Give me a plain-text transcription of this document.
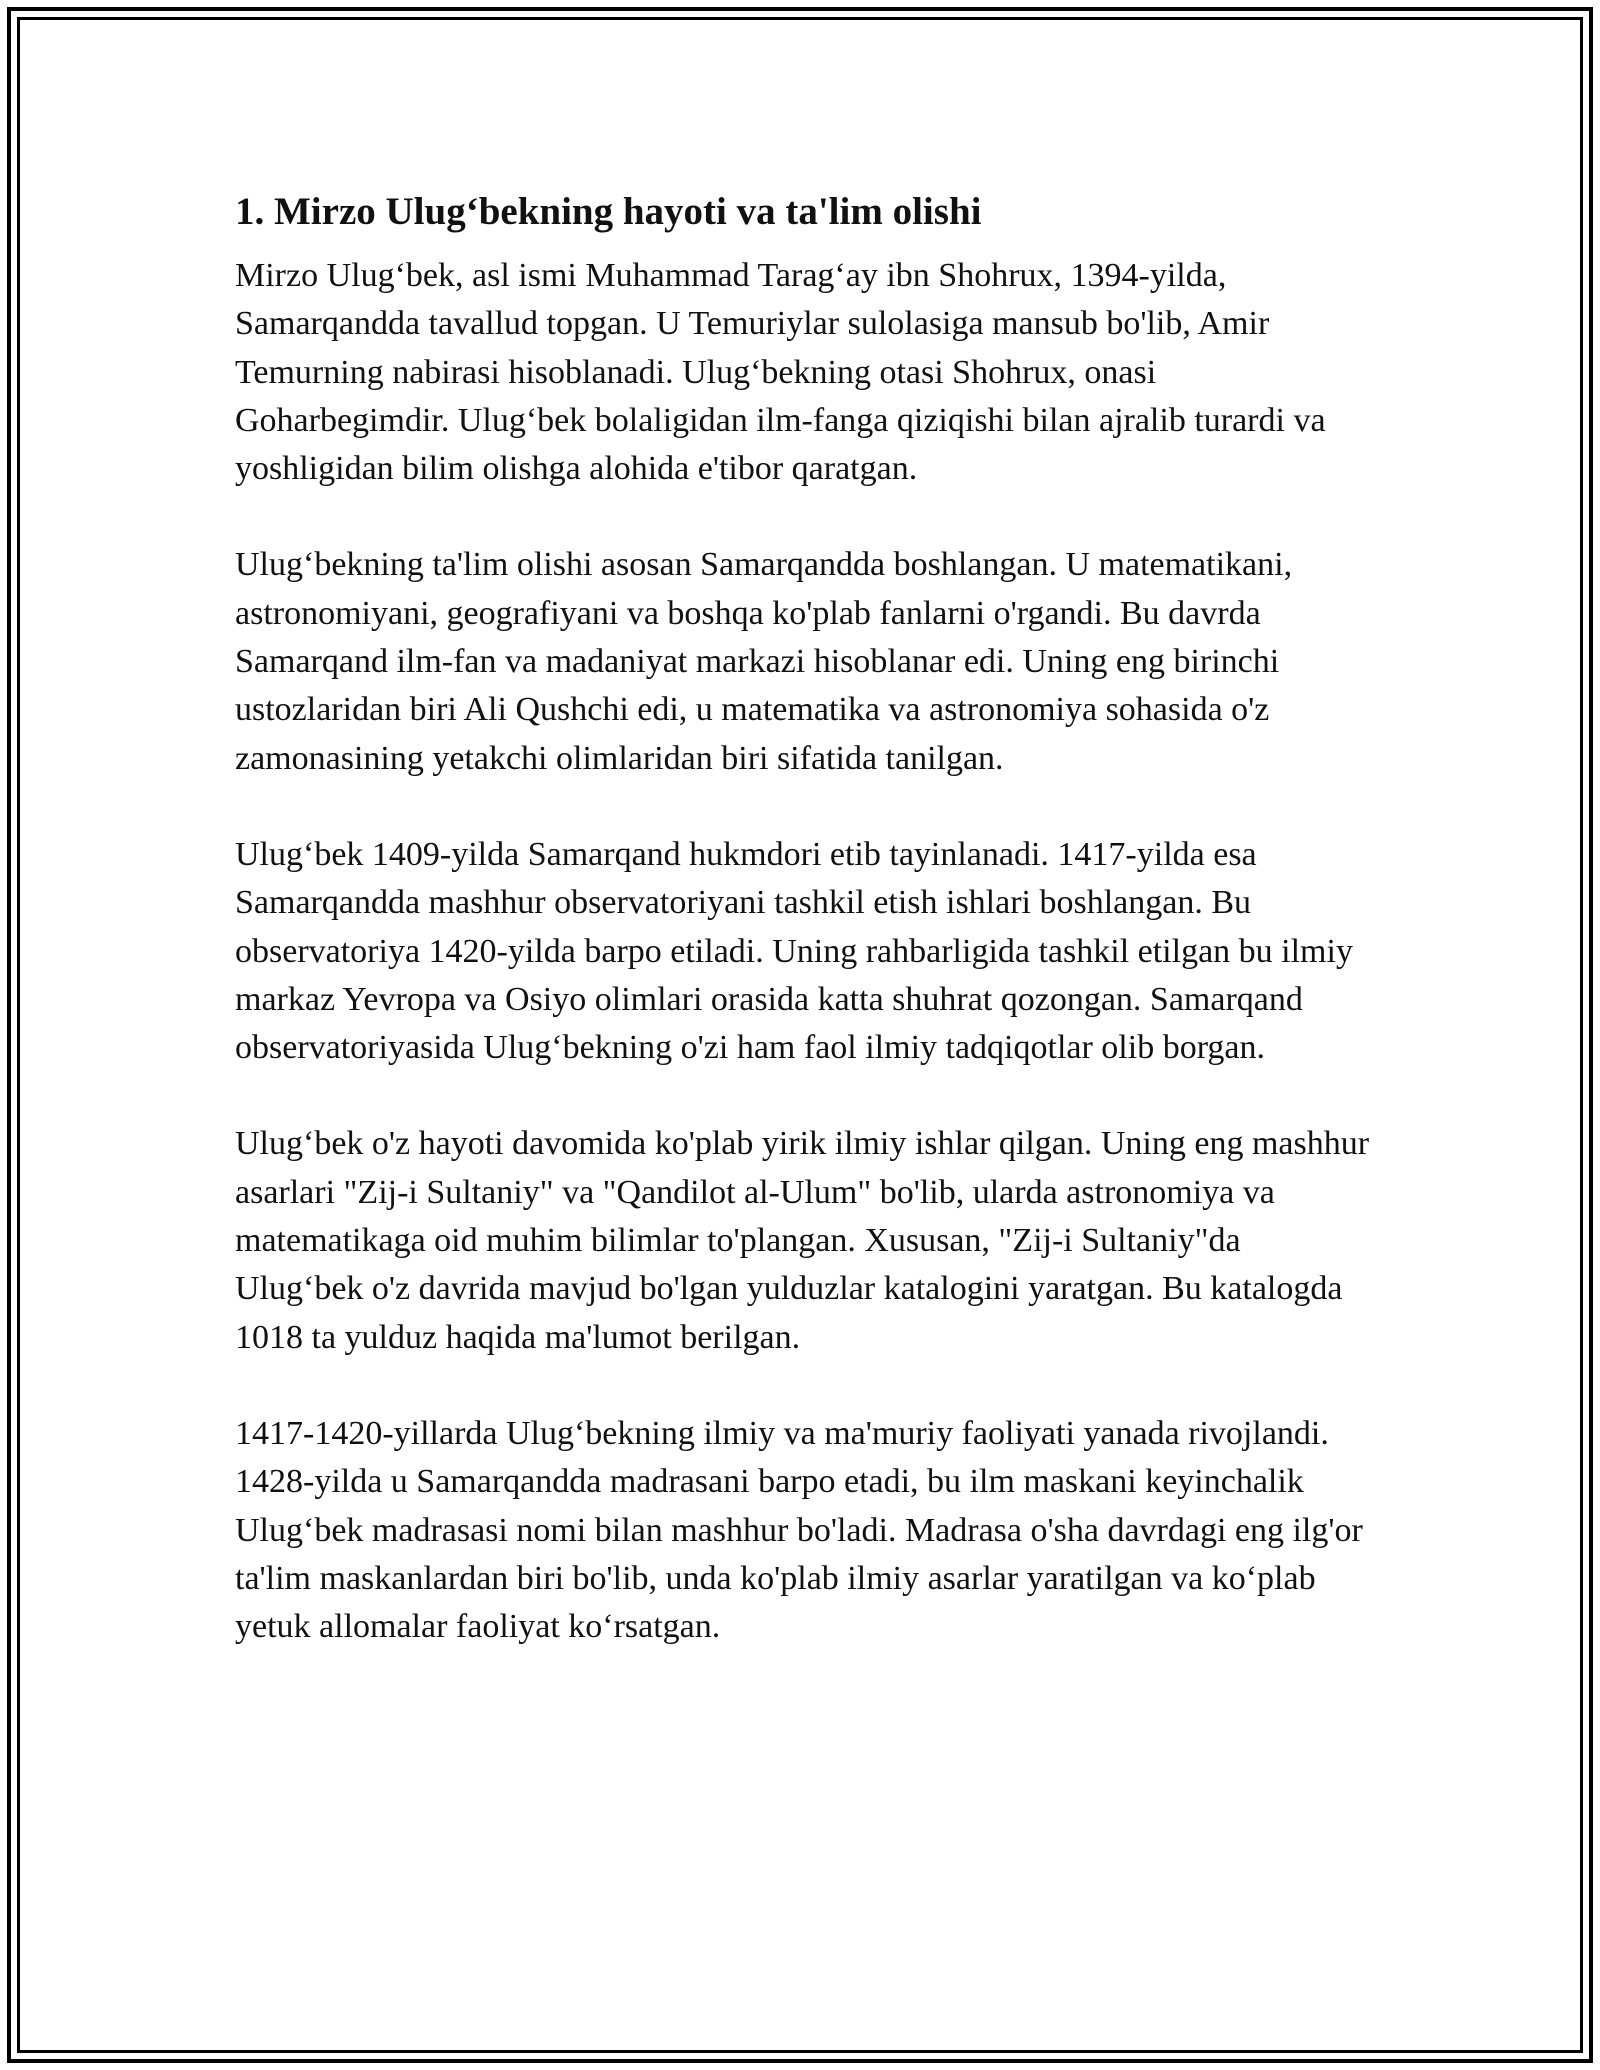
1. Mirzo Ulug‘bekning hayoti va ta'lim olishi

Mirzo Ulug‘bek, asl ismi Muhammad Tarag‘ay ibn Shohrux, 1394-yilda, Samarqandda tavallud topgan. U Temuriylar sulolasiga mansub bo'lib, Amir Temurning nabirasi hisoblanadi. Ulug‘bekning otasi Shohrux, onasi Goharbegimdir. Ulug‘bek bolaligidan ilm-fanga qiziqishi bilan ajralib turardi va yoshligidan bilim olishga alohida e'tibor qaratgan.

Ulug‘bekning ta'lim olishi asosan Samarqandda boshlangan. U matematikani, astronomiyani, geografiyani va boshqa ko'plab fanlarni o'rgandi. Bu davrda Samarqand ilm-fan va madaniyat markazi hisoblanar edi. Uning eng birinchi ustozlaridan biri Ali Qushchi edi, u matematika va astronomiya sohasida o'z zamonasining yetakchi olimlaridan biri sifatida tanilgan.

Ulug‘bek 1409-yilda Samarqand hukmdori etib tayinlanadi. 1417-yilda esa Samarqandda mashhur observatoriyani tashkil etish ishlari boshlangan. Bu observatoriya 1420-yilda barpo etiladi. Uning rahbarligida tashkil etilgan bu ilmiy markaz Yevropa va Osiyo olimlari orasida katta shuhrat qozongan. Samarqand observatoriyasida Ulug‘bekning o'zi ham faol ilmiy tadqiqotlar olib borgan.

Ulug‘bek o'z hayoti davomida ko'plab yirik ilmiy ishlar qilgan. Uning eng mashhur asarlari "Zij-i Sultaniy" va "Qandilot al-Ulum" bo'lib, ularda astronomiya va matematikaga oid muhim bilimlar to'plangan. Xususan, "Zij-i Sultaniy"da Ulug‘bek o'z davrida mavjud bo'lgan yulduzlar katalogini yaratgan. Bu katalogda 1018 ta yulduz haqida ma'lumot berilgan.

1417-1420-yillarda Ulug‘bekning ilmiy va ma'muriy faoliyati yanada rivojlandi. 1428-yilda u Samarqandda madrasani barpo etadi, bu ilm maskani keyinchalik Ulug‘bek madrasasi nomi bilan mashhur bo'ladi. Madrasa o'sha davrdagi eng ilg'or ta'lim maskanlardan biri bo'lib, unda ko'plab ilmiy asarlar yaratilgan va ko‘plab yetuk allomalar faoliyat ko‘rsatgan.
